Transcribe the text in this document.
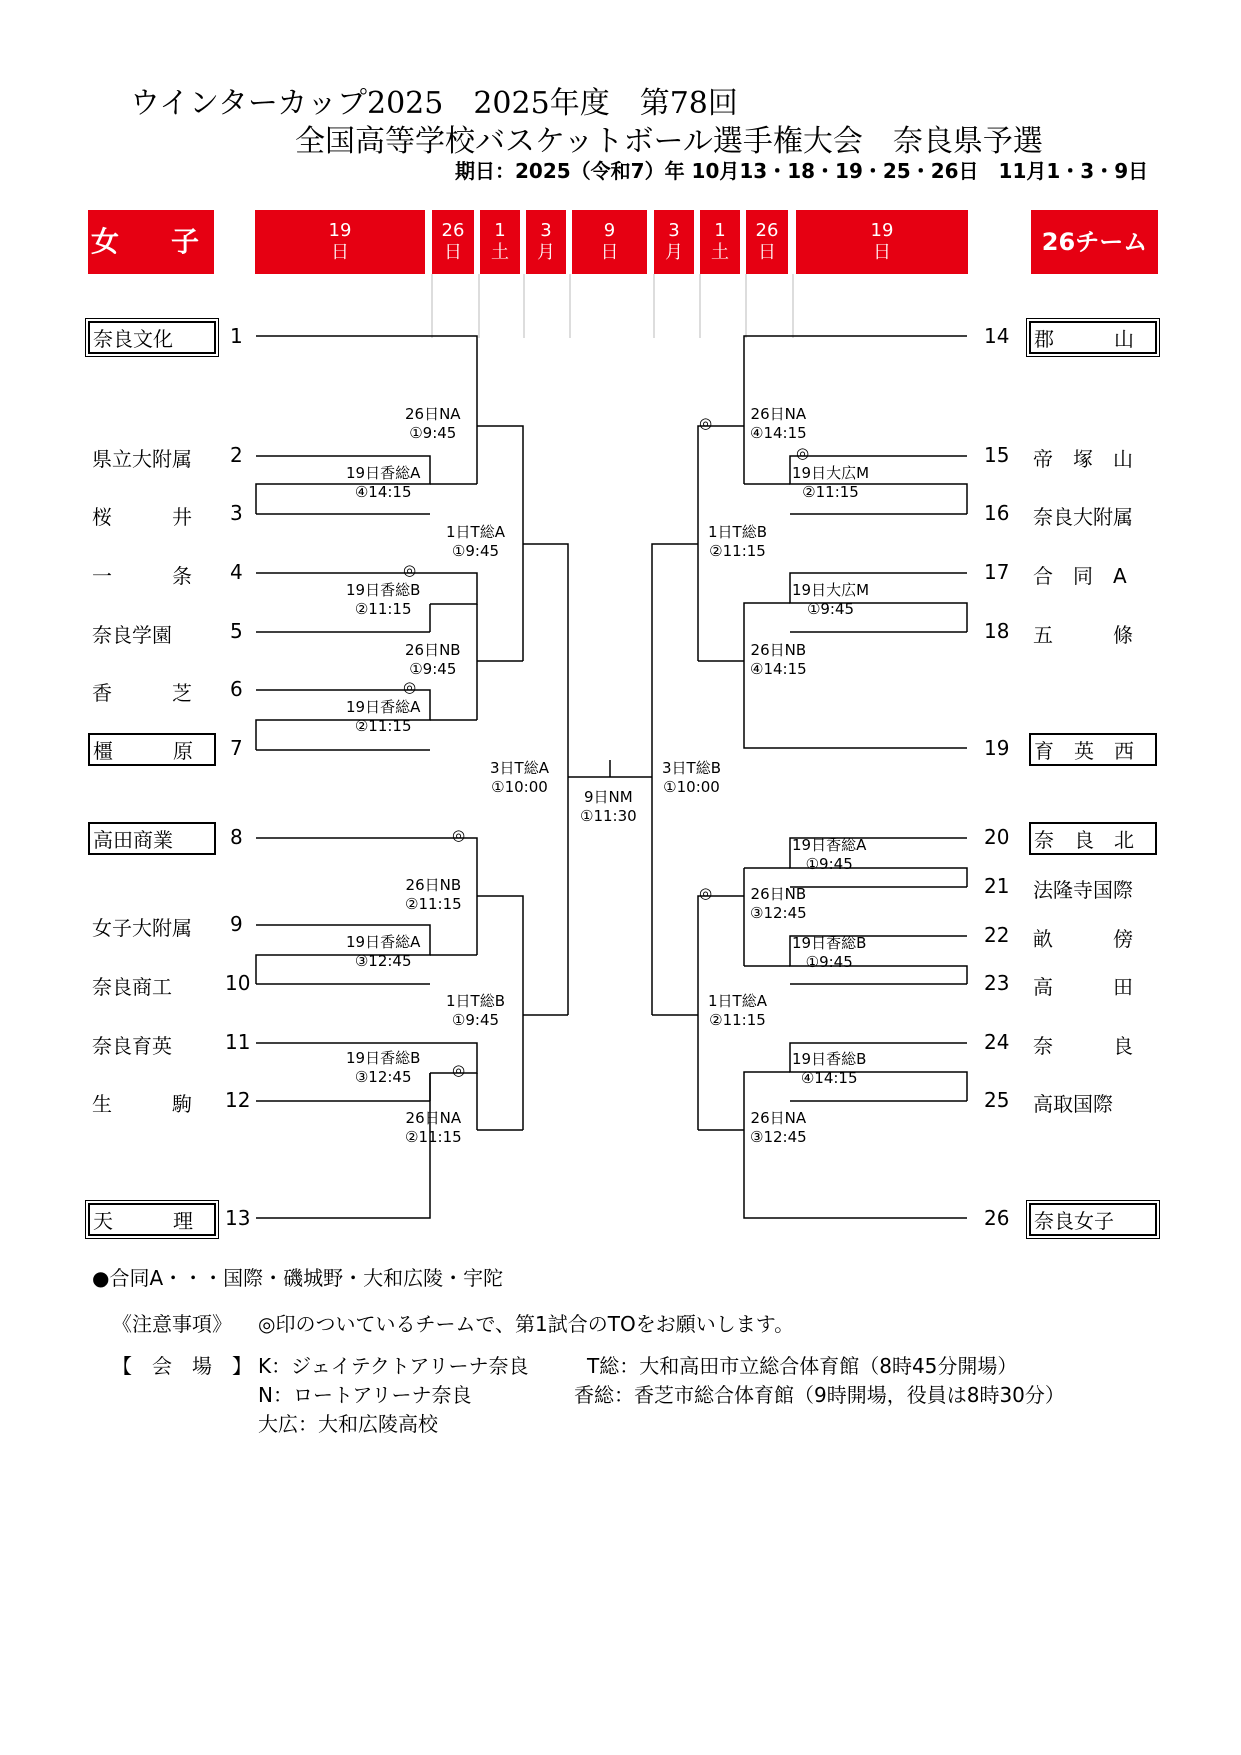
ウインターカップ2025　2025年度　第78回
全国高等学校バスケットボール選手権大会　奈良県予選
期日：2025（令和7）年 10月13・18・19・25・26日　11月1・3・9日
女　子	19
日
26
日
1
土
3
月
9
日
3
月
1
土
26
日
19
日	26チーム
奈良文化	1
県立大附属 2
桜　　　井 3
一　　　条 4
奈良学園	5
香　　　芝 6
橿　　　原 7
高田商業	8
女子大附属 9
奈良商工	10
奈良育英	11
生　　　駒 12
天　　　理 13
14 郡　　　山
15 帝　塚　山
16 奈良大附属
17 合　同　A
18 五　　　條
19 育　英　西
20 奈　良　北
21 法隆寺国際
22 畝　　　傍
23 高　　　田
24 奈　　　良
25 高取国際
26 奈良女子
26日NA
①9:45
19日香総A
④14:15
1日T総A
①9:45
19日香総B
②11:15
26日NB
①9:45
19日香総A
②11:15
3日T総A
①10:00
26日NB
②11:15
19日香総A
③12:45
1日T総B
①9:45
19日香総B
③12:45
26日NA
②11:15
9日NM
①11:30
3日T総B
①10:00
26日NA
④14:15
19日大広M
②11:15
1日T総B
②11:15
19日大広M
①9:45
26日NB
④14:15
19日香総A
①9:45
26日NB
③12:45
19日香総B
①9:45
1日T総A
②11:15
19日香総B
④14:15
26日NA
③12:45
◎
◎
◎
◎
◎
◎
◎
●合同A・・・国際・磯城野・大和広陵・宇陀
《注意事項》 ◎印のついているチームで、第1試合のTOをお願いします。
【　会　場　】 K：ジェイテクトアリーナ奈良	T総：大和高田市立総合体育館（8時45分開場）
N：ロートアリーナ奈良	香総：香芝市総合体育館（9時開場，役員は8時30分）
大広：大和広陵高校
